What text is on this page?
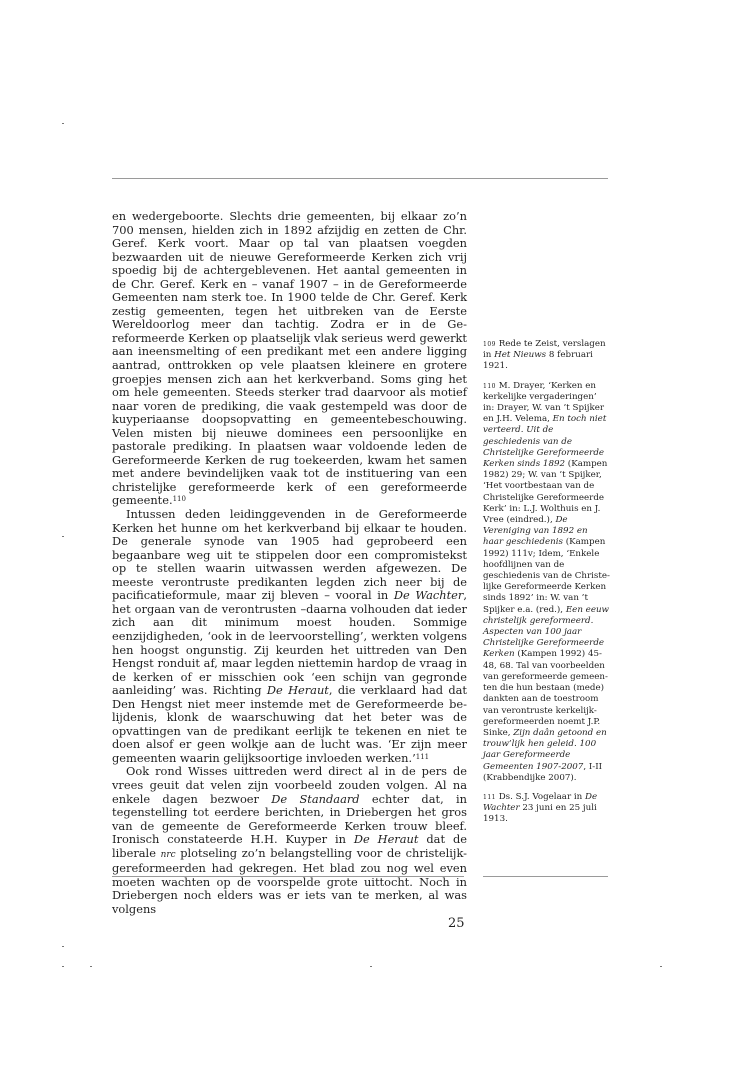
en wedergeboorte. Slechts drie gemeenten, bij elkaar zo’n 700 mensen, hielden zich in 1892 afzijdig en zetten de Chr. Geref. Kerk voort. Maar op tal van plaatsen voegden bezwaarden uit de nieuwe Gereformeerde Kerken zich vrij spoedig bij de achtergeblevenen. Het aantal gemeenten in de Chr. Geref. Kerk en – vanaf 1907 – in de Gereformeerde Gemeenten nam sterk toe. In 1900 telde de Chr. Geref. Kerk zestig gemeenten, tegen het uitbreken van de Eerste Wereldoorlog meer dan tachtig. Zodra er in de Gereformeerde Kerken op plaatselijk vlak serieus werd gewerkt aan ineensmelting of een predikant met een andere ligging aantrad, onttrokken op vele plaatsen kleinere en grotere groepjes mensen zich aan het kerkverband. Soms ging het om hele gemeenten. Steeds sterker trad daarvoor als motief naar voren de prediking, die vaak gestempeld was door de kuyperiaanse doopsopvatting en gemeentebeschouwing. Velen misten bij nieuwe dominees een persoonlijke en pastorale prediking. In plaatsen waar voldoende leden de Gereformeerde Kerken de rug toekeerden, kwam het samen met andere bevindelijken vaak tot de instituering van een christelijke gereformeerde kerk of een gereformeerde gemeente.$^{110}$

Intussen deden leidinggevenden in de Gereformeerde Kerken het hunne om het kerkverband bij elkaar te houden. De generale synode van 1905 had geprobeerd een begaanbare weg uit te stippelen door een compromistekst op te stellen waarin uitwassen werden afgewezen. De meeste verontruste predikanten legden zich neer bij de pacificatieformule, maar zij bleven – vooral in De Wachter, het orgaan van de verontrusten –daarna volhouden dat ieder zich aan dit minimum moest houden. Sommige eenzijdigheden, ‘ook in de leervoorstelling’, werkten volgens hen hoogst ongunstig. Zij keurden het uittreden van Den Hengst ronduit af, maar legden niettemin hardop de vraag in de kerken of er misschien ook ‘een schijn van gegronde aanleiding’ was. Richting De Heraut, die verklaard had dat Den Hengst niet meer instemde met de Gereformeerde belijdenis, klonk de waarschuwing dat het beter was de opvattingen van de predikant eerlijk te tekenen en niet te doen alsof er geen wolkje aan de lucht was. ‘Er zijn meer gemeenten waarin gelijksoortige invloeden werken.’$^{111}$

Ook rond Wisses uittreden werd direct al in de pers de vrees geuit dat velen zijn voorbeeld zouden volgen. Al na enkele dagen bezwoer De Standaard echter dat, in tegenstelling tot eerdere berichten, in Driebergen het gros van de gemeente de Gereformeerde Kerken trouw bleef. Ironisch constateerde H.H. Kuyper in De Heraut dat de liberale nrc plotseling zo’n belangstelling voor de christelijk-gereformeerden had gekregen. Het blad zou nog wel even moeten wachten op de voorspelde grote uittocht. Noch in Driebergen noch elders was er iets van te merken, al was volgens

109 Rede te Zeist, verslagen in Het Nieuws 8 februari 1921.
110 M. Drayer, ‘Kerken en kerkelijke vergaderingen’ in: Drayer, W. van ’t Spijker en J.H. Velema, En toch niet verteerd. Uit de geschiedenis van de Christelijke Gereformeerde Kerken sinds 1892 (Kampen 1982) 29; W. van ’t Spijker, ‘Het voortbestaan van de Christelijke Gereformeerde Kerk’ in: L.J. Wolthuis en J. Vree (eindred.), De Vereniging van 1892 en haar geschiedenis (Kampen 1992) 111v; Idem, ‘Enkele hoofdlijnen van de geschiedenis van de Christelijke Gereformeerde Kerken sinds 1892’ in: W. van ’t Spijker e.a. (red.), Een eeuw christelijk gereformeerd. Aspecten van 100 jaar Christelijke Gereformeerde Kerken (Kampen 1992) 45-48, 68. Tal van voorbeelden van gereformeerde gemeenten die hun bestaan (mede) dankten aan de toestroom van verontruste kerkelijk-gereformeerden noemt J.P. Sinke, Zijn daân getoond en trouw’lijk hen geleid. 100 jaar Gereformeerde Gemeenten 1907-2007, I-II (Krabbendijke 2007).
111 Ds. S.J. Vogelaar in De Wachter 23 juni en 25 juli 1913.
25
